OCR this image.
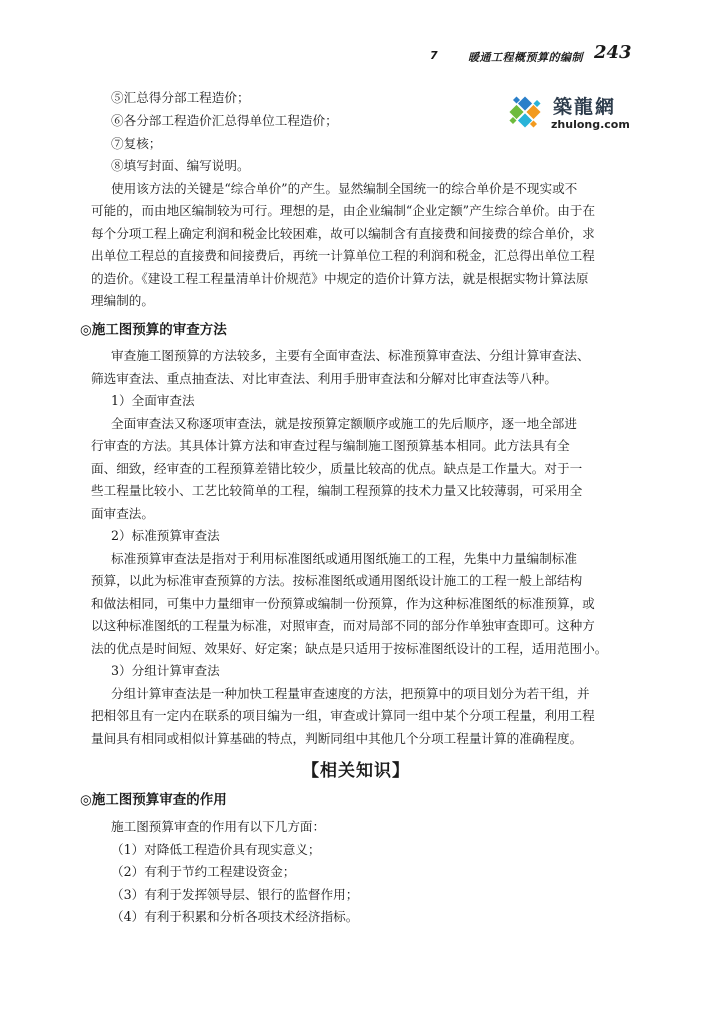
7	暖通工程概预算的编制 243
築龍網
zhulong.com
⑤汇总得分部工程造价；
⑥各分部工程造价汇总得单位工程造价；
⑦复核；
⑧填写封面、编写说明。
使用该方法的关键是“综合单价”的产生。显然编制全国统一的综合单价是不现实或不
可能的，而由地区编制较为可行。理想的是，由企业编制“企业定额”产生综合单价。由于在
每个分项工程上确定利润和税金比较困难，故可以编制含有直接费和间接费的综合单价，求
出单位工程总的直接费和间接费后，再统一计算单位工程的利润和税金，汇总得出单位工程
的造价。《建设工程工程量清单计价规范》中规定的造价计算方法，就是根据实物计算法原
理编制的。
◎施工图预算的审查方法
审查施工图预算的方法较多，主要有全面审查法、标准预算审查法、分组计算审查法、
筛选审查法、重点抽查法、对比审查法、利用手册审查法和分解对比审查法等八种。
1）全面审查法
全面审查法又称逐项审查法，就是按预算定额顺序或施工的先后顺序，逐一地全部进
行审查的方法。其具体计算方法和审查过程与编制施工图预算基本相同。此方法具有全
面、细致，经审查的工程预算差错比较少，质量比较高的优点。缺点是工作量大。对于一
些工程量比较小、工艺比较简单的工程，编制工程预算的技术力量又比较薄弱，可采用全
面审查法。
2）标准预算审查法
标准预算审查法是指对于利用标准图纸或通用图纸施工的工程，先集中力量编制标准
预算，以此为标准审查预算的方法。按标准图纸或通用图纸设计施工的工程一般上部结构
和做法相同，可集中力量细审一份预算或编制一份预算，作为这种标准图纸的标准预算，或
以这种标准图纸的工程量为标准，对照审查，而对局部不同的部分作单独审查即可。这种方
法的优点是时间短、效果好、好定案；缺点是只适用于按标准图纸设计的工程，适用范围小。
3）分组计算审查法
分组计算审查法是一种加快工程量审查速度的方法，把预算中的项目划分为若干组，并
把相邻且有一定内在联系的项目编为一组，审查或计算同一组中某个分项工程量，利用工程
量间具有相同或相似计算基础的特点，判断同组中其他几个分项工程量计算的准确程度。
【相关知识】
◎施工图预算审查的作用
施工图预算审查的作用有以下几方面：
（1）对降低工程造价具有现实意义；
（2）有利于节约工程建设资金；
（3）有利于发挥领导层、银行的监督作用；
（4）有利于积累和分析各项技术经济指标。
